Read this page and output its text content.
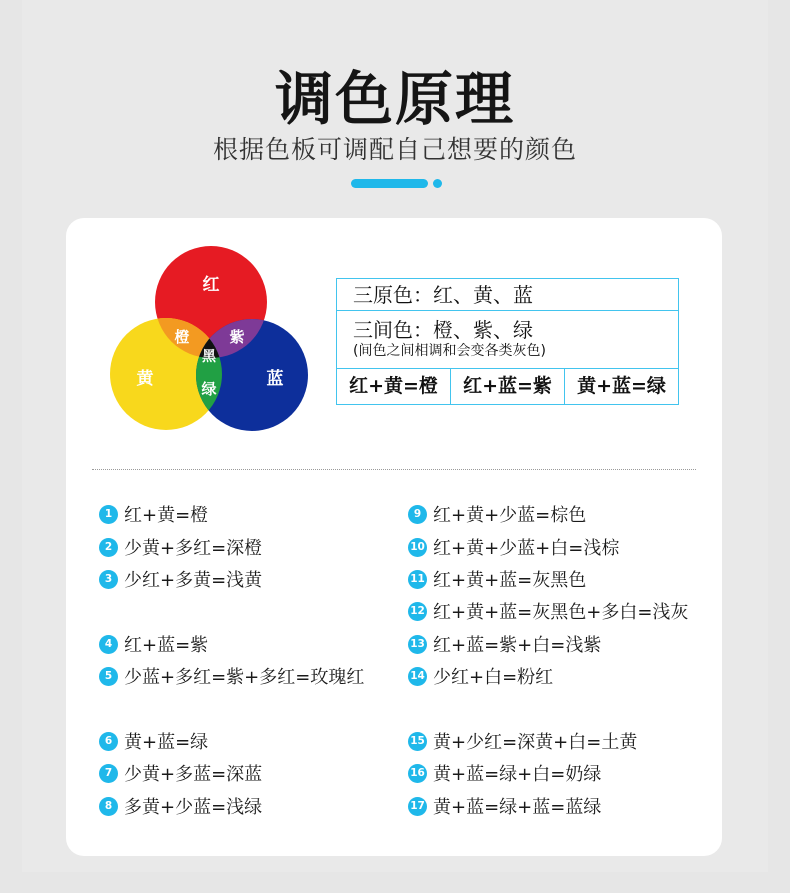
调色原理
根据色板可调配自己想要的颜色
红
橙	紫
黑
黄	绿	蓝
三原色：红、黄、蓝
三间色：橙、紫、绿
(间色之间相调和会变各类灰色)
红+黄=橙	红+蓝=紫	黄+蓝=绿
1 红+黄=橙
2 少黄+多红=深橙
3 少红+多黄=浅黄
4 红+蓝=紫
5 少蓝+多红=紫+多红=玫瑰红
6 黄+蓝=绿
7 少黄+多蓝=深蓝
8 多黄+少蓝=浅绿
9 红+黄+少蓝=棕色
10 红+黄+少蓝+白=浅棕
11 红+黄+蓝=灰黑色
12 红+黄+蓝=灰黑色+多白=浅灰
13 红+蓝=紫+白=浅紫
14 少红+白=粉红
15 黄+少红=深黄+白=土黄
16 黄+蓝=绿+白=奶绿
17 黄+蓝=绿+蓝=蓝绿
